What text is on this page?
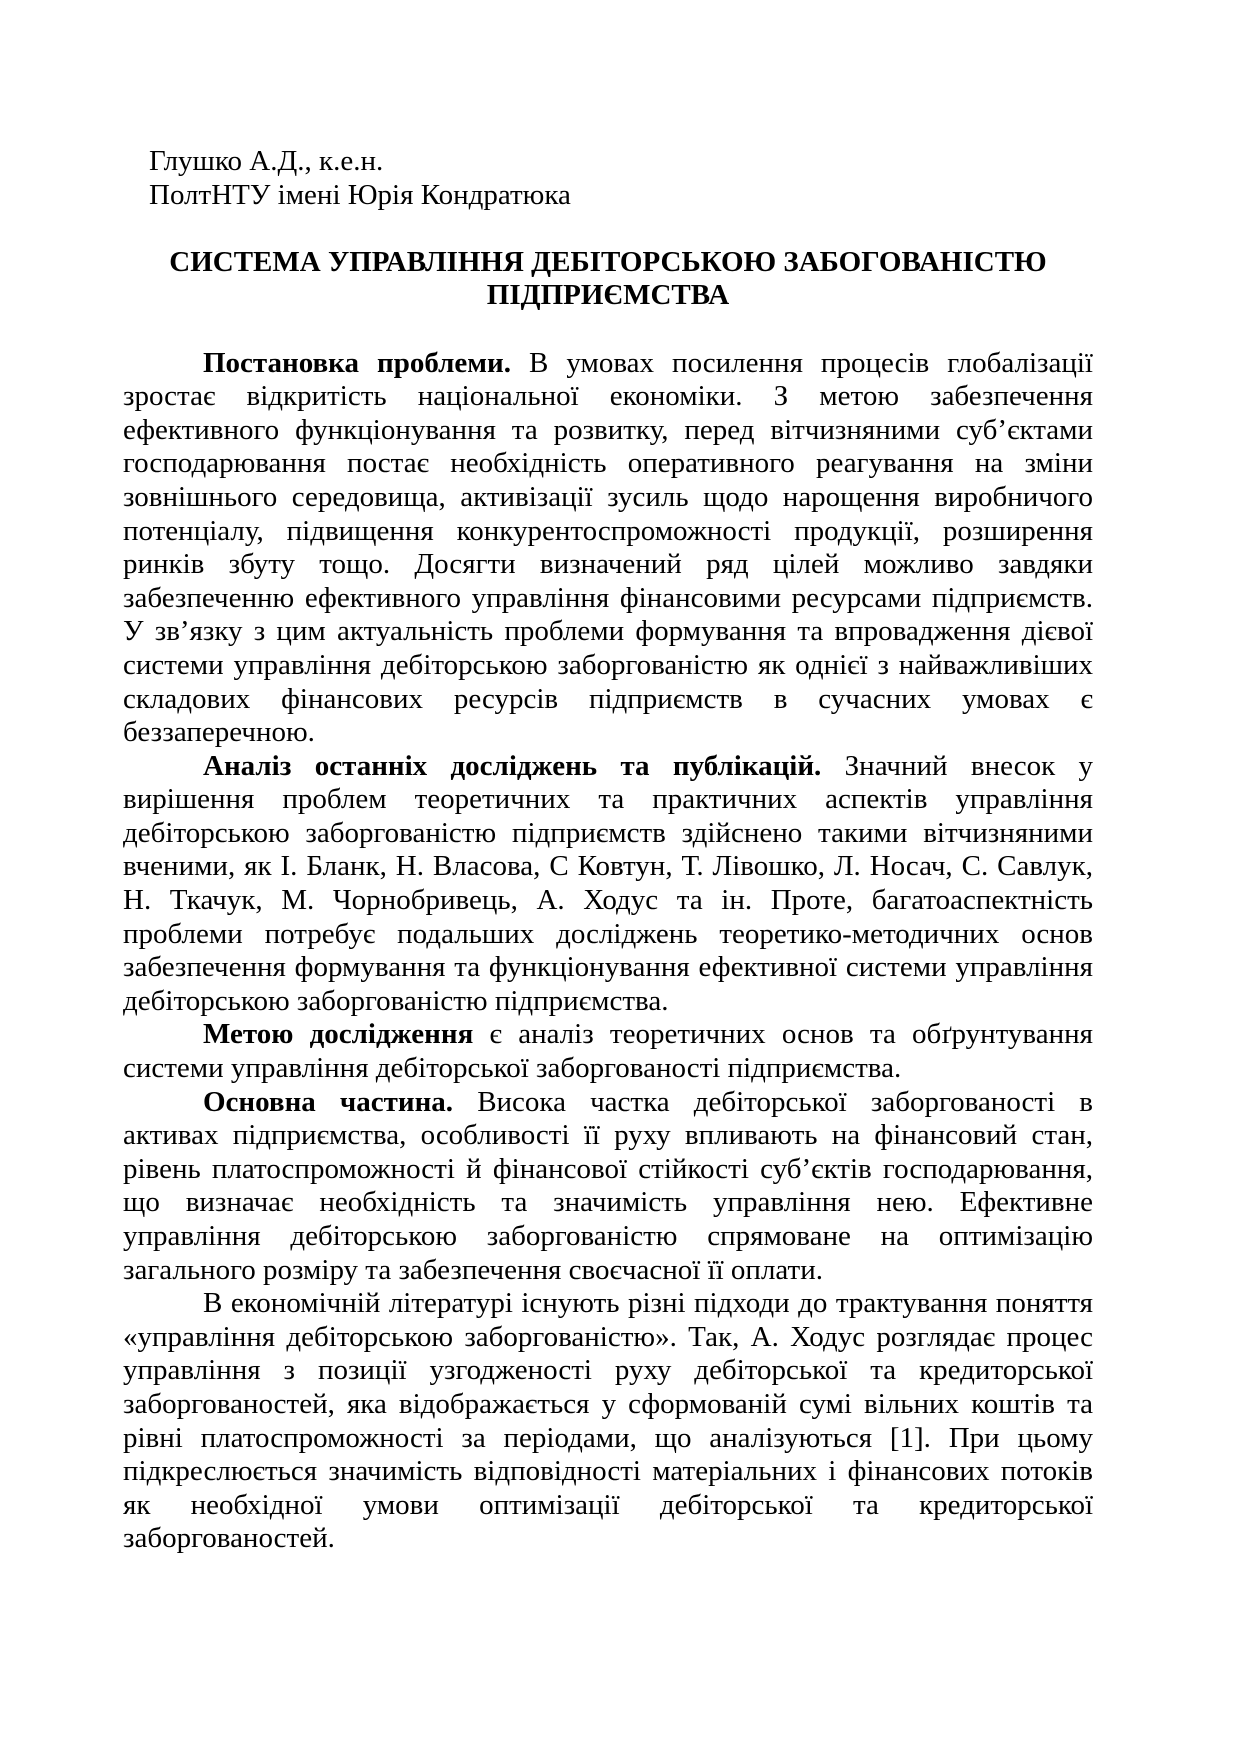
Глушко А.Д., к.е.н.
ПолтНТУ імені Юрія Кондратюка
СИСТЕМА УПРАВЛІННЯ ДЕБІТОРСЬКОЮ ЗАБОГОВАНІСТЮ
ПІДПРИЄМСТВА

Постановка проблеми. В умовах посилення процесів глобалізації зростає відкритість національної економіки. З метою забезпечення ефективного функціонування та розвитку, перед вітчизняними суб’єктами господарювання постає необхідність оперативного реагування на зміни зовнішнього середовища, активізації зусиль щодо нарощення виробничого потенціалу, підвищення конкурентоспроможності продукції, розширення ринків збуту тощо. Досягти визначений ряд цілей можливо завдяки забезпеченню ефективного управління фінансовими ресурсами підприємств. У зв’язку з цим актуальність проблеми формування та впровадження дієвої системи управління дебіторською заборгованістю як однієї з найважливіших складових фінансових ресурсів підприємств в сучасних умовах є беззаперечною.

Аналіз останніх досліджень та публікацій. Значний внесок у вирішення проблем теоретичних та практичних аспектів управління дебіторською заборгованістю підприємств здійснено такими вітчизняними вченими, як І. Бланк, Н. Власова, С Ковтун, Т. Лівошко, Л. Носач, С. Савлук, Н. Ткачук, М. Чорнобривець, А. Ходус та ін. Проте, багатоаспектність проблеми потребує подальших досліджень теоретико-методичних основ забезпечення формування та функціонування ефективної системи управління дебіторською заборгованістю підприємства.

Метою дослідження є аналіз теоретичних основ та обґрунтування системи управління дебіторської заборгованості підприємства.

Основна частина. Висока частка дебіторської заборгованості в активах підприємства, особливості її руху впливають на фінансовий стан, рівень платоспроможності й фінансової стійкості суб’єктів господарювання, що визначає необхідність та значимість управління нею. Ефективне управління дебіторською заборгованістю спрямоване на оптимізацію загального розміру та забезпечення своєчасної її оплати.

В економічній літературі існують різні підходи до трактування поняття «управління дебіторською заборгованістю». Так, А. Ходус розглядає процес управління з позиції узгодженості руху дебіторської та кредиторської заборгованостей, яка відображається у сформованій сумі вільних коштів та рівні платоспроможності за періодами, що аналізуються [1]. При цьому підкреслюється значимість відповідності матеріальних і фінансових потоків як необхідної умови оптимізації дебіторської та кредиторської заборгованостей.
